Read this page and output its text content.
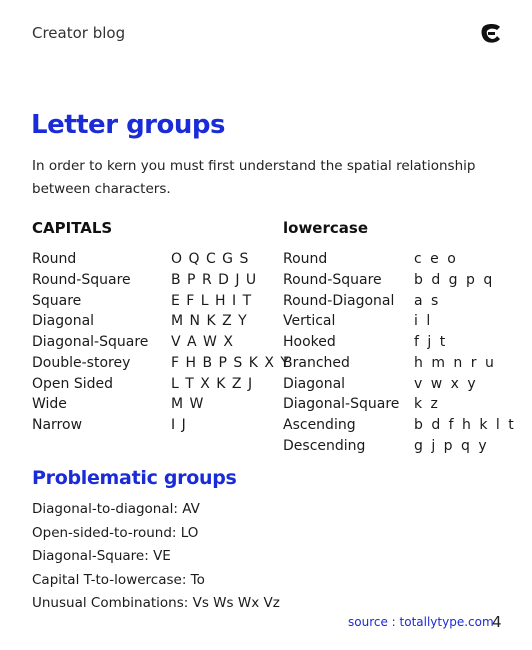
Creator blog
Letter groups
In order to kern you must first understand the spatial relationship between characters.
CAPITALS	lowercase
Round	O Q C G S
Round-Square	B P R D J U
Square	E F L H I T
Diagonal	M N K Z Y
Diagonal-Square V A W X
Double-storey	F H B P S K X Y
Open Sided	L T X K Z J
Wide	M W
Narrow	I J
Round	c e o
Round-Square b d g p q
Round-Diagonal a s
Vertical	i l
Hooked	f j t
Branched	h m n r u
Diagonal	v w x y
Diagonal-Square k z
Ascending	b d f h k l t
Descending	g j p q y
Problematic groups
Diagonal-to-diagonal: AV
Open-sided-to-round: LO
Diagonal-Square: VE
Capital T-to-lowercase: To
Unusual Combinations: Vs Ws Wx Vz
source : totallytype.com
4
